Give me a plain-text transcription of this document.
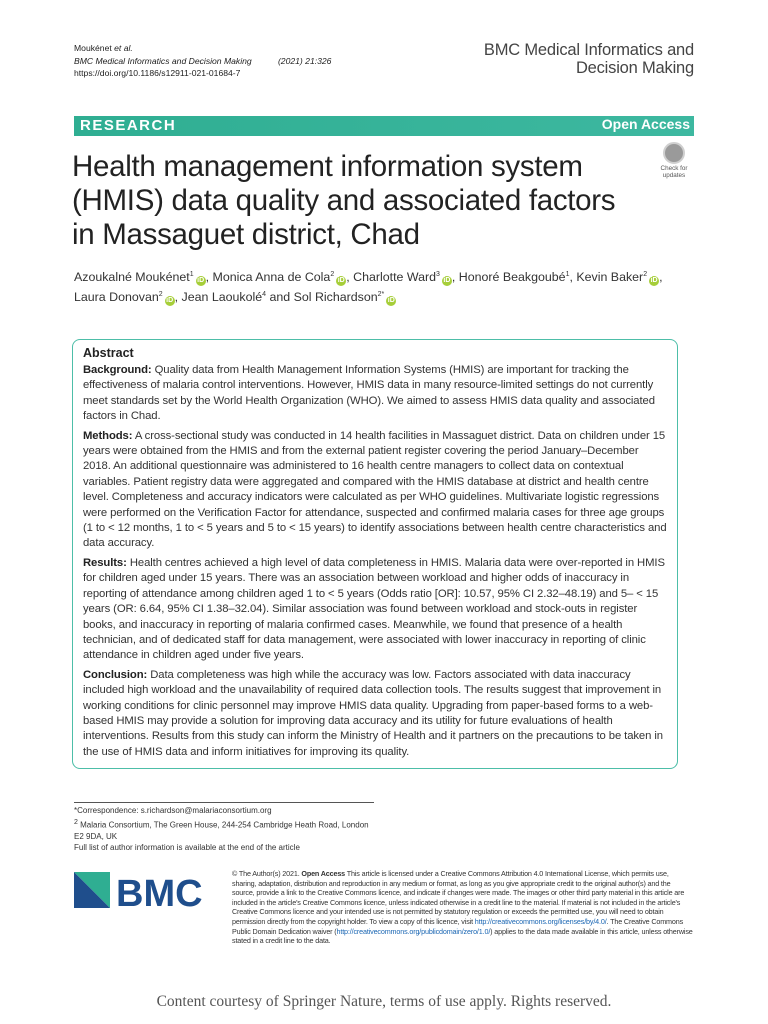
Moukénet et al.
BMC Medical Informatics and Decision Making	(2021) 21:326
https://doi.org/10.1186/s12911-021-01684-7
BMC Medical Informatics and
Decision Making
RESEARCH	Open Access
Health management information system (HMIS) data quality and associated factors in Massaguet district, Chad
Check for
updates
Azoukalné Moukénet$^1$iD , Monica Anna de Cola$^2$iD , Charlotte Ward$^3$iD , Honoré Beakgoubé$^1$, Kevin Baker$^2$iD ,
Laura Donovan$^2$iD , Jean Laoukolé$^4$ and Sol Richardson$^{2*}$iD
Abstract

Background: Quality data from Health Management Information Systems (HMIS) are important for tracking the effectiveness of malaria control interventions. However, HMIS data in many resource-limited settings do not currently meet standards set by the World Health Organization (WHO). We aimed to assess HMIS data quality and associated factors in Chad.

Methods: A cross-sectional study was conducted in 14 health facilities in Massaguet district. Data on children under 15 years were obtained from the HMIS and from the external patient register covering the period January–December 2018. An additional questionnaire was administered to 16 health centre managers to collect data on contextual variables. Patient registry data were aggregated and compared with the HMIS database at district and health centre level. Completeness and accuracy indicators were calculated as per WHO guidelines. Multivariate logistic regressions were performed on the Verification Factor for attendance, suspected and confirmed malaria cases for three age groups (1 to < 12 months, 1 to < 5 years and 5 to < 15 years) to identify associations between health centre characteristics and data accuracy.

Results: Health centres achieved a high level of data completeness in HMIS. Malaria data were over-reported in HMIS for children aged under 15 years. There was an association between workload and higher odds of inaccuracy in reporting of attendance among children aged 1 to < 5 years (Odds ratio [OR]: 10.57, 95% CI 2.32–48.19) and 5– < 15 years (OR: 6.64, 95% CI 1.38–32.04). Similar association was found between workload and stock-outs in register books, and inaccuracy in reporting of malaria confirmed cases. Meanwhile, we found that presence of a health technician, and of dedicated staff for data management, were associated with lower inaccuracy in reporting of clinic attendance in children aged under five years.

Conclusion: Data completeness was high while the accuracy was low. Factors associated with data inaccuracy included high workload and the unavailability of required data collection tools. The results suggest that improvement in working conditions for clinic personnel may improve HMIS data quality. Upgrading from paper-based forms to a web-based HMIS may provide a solution for improving data accuracy and its utility for future evaluations of health interventions. Results from this study can inform the Ministry of Health and it partners on the precautions to be taken in the use of HMIS data and inform initiatives for improving its quality.

*Correspondence: s.richardson@malariaconsortium.org
$^2$ Malaria Consortium, The Green House, 244-254 Cambridge Heath Road, London E2 9DA, UK
Full list of author information is available at the end of the article
BMC	© The Author(s) 2021. Open Access This article is licensed under a Creative Commons Attribution 4.0 International License, which permits use, sharing, adaptation, distribution and reproduction in any medium or format, as long as you give appropriate credit to the original author(s) and the source, provide a link to the Creative Commons licence, and indicate if changes were made. The images or other third party material in this article are included in the article's Creative Commons licence, unless indicated otherwise in a credit line to the material. If material is not included in the article's Creative Commons licence and your intended use is not permitted by statutory regulation or exceeds the permitted use, you will need to obtain permission directly from the copyright holder. To view a copy of this licence, visit http://creativecommons.org/licenses/by/4.0/. The Creative Commons Public Domain Dedication waiver (http://creativecommons.org/publicdomain/zero/1.0/) applies to the data made available in this article, unless otherwise stated in a credit line to the data.
Content courtesy of Springer Nature, terms of use apply. Rights reserved.
